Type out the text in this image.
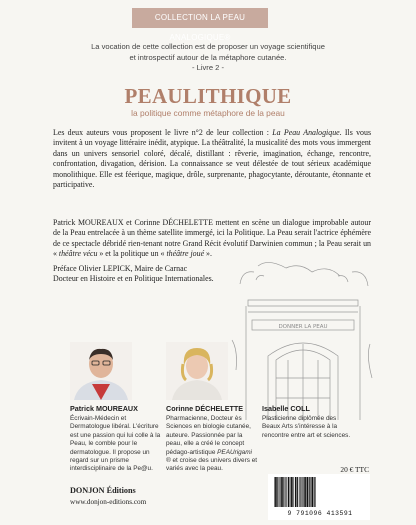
COLLECTION LA PEAU ANALOGIQUE®
La vocation de cette collection est de proposer un voyage scientifique
et introspectif autour de la métaphore cutanée.
- Livre 2 -
PEAULITHIQUE
la politique comme métaphore de la peau
Les deux auteurs vous proposent le livre n°2 de leur collection : La Peau Analogique. Ils vous invitent à un voyage littéraire inédit, atypique. La théâtralité, la musicalité des mots vous immergent dans un univers sensoriel coloré, décalé, distillant : rêverie, imagination, échange, rencontre, confrontation, divagation, dérision. La connaissance se veut délestée de tout sérieux académique monolithique. Elle est féerique, magique, drôle, surprenante, phagocytante, déroutante, étonnante et participative.
Patrick MOUREAUX et Corinne DÉCHELETTE mettent en scène un dialogue improbable autour de la Peau entrelacée à un thème satellite immergé, ici la Politique. La Peau serait l'actrice éphémère de ce spectacle débridé rien-tenant notre Grand Récit évolutif Darwinien commun ; la Peau serait un « théâtre vécu » et la politique un « théâtre joué ».
Préface Olivier LEPICK, Maire de Carnac
Docteur en Histoire et en Politique Internationales.
DONNER LA PEAU
Patrick MOUREAUX
Écrivain-Médecin et Dermatologue libéral. L'écriture est une passion qui lui colle à la Peau, le comble pour le dermatologue. Il propose un regard sur un prisme interdisciplinaire de la Pe@u.
Corinne DÉCHELETTE
Pharmacienne, Docteur ès Sciences en biologie cutanée, auteure. Passionnée par la peau, elle a créé le concept pédago-artistique PEAUrigami ® et croise des univers divers et variés avec la peau.
Isabelle COLL
Plasticienne diplômée des Beaux Arts s'intéresse à la rencontre entre art et sciences.
20 € TTC
DONJON Éditions
www.donjon-editions.com
9 791096 413591
